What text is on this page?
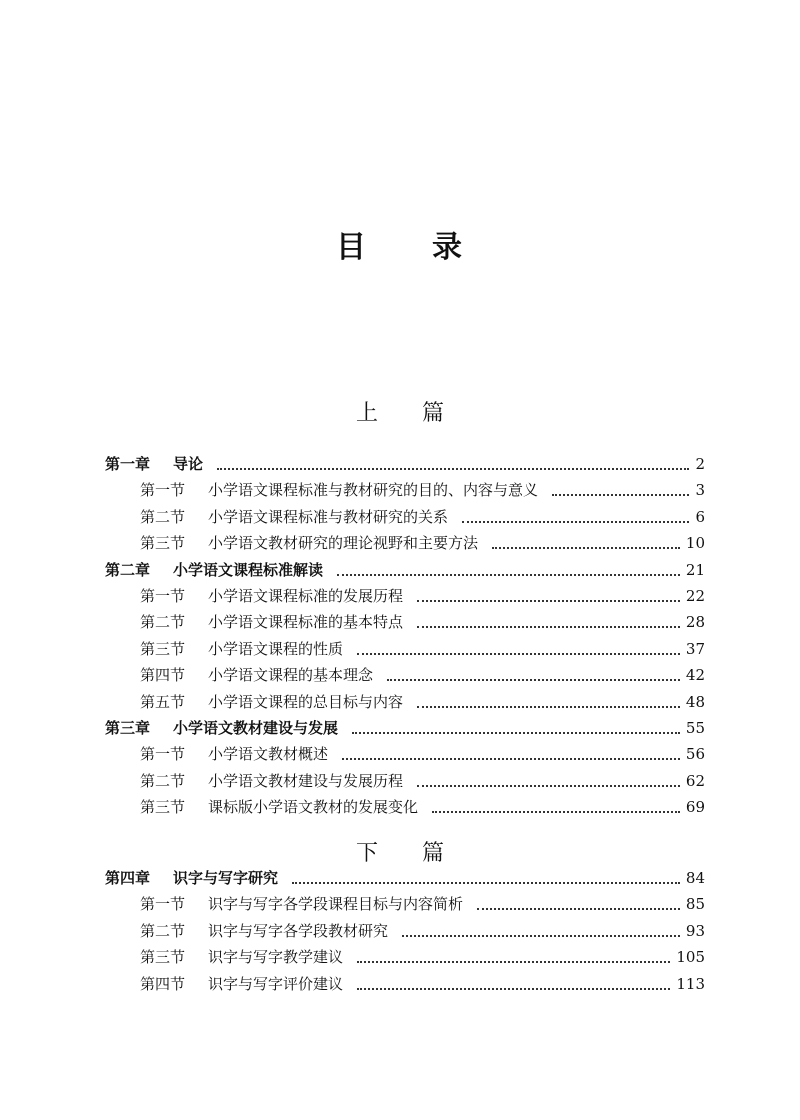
目　　录
上　　篇
第一章	导论	2
第一节	小学语文课程标准与教材研究的目的、内容与意义	3
第二节	小学语文课程标准与教材研究的关系	6
第三节	小学语文教材研究的理论视野和主要方法	10
第二章	小学语文课程标准解读	21
第一节	小学语文课程标准的发展历程	22
第二节	小学语文课程标准的基本特点	28
第三节	小学语文课程的性质	37
第四节	小学语文课程的基本理念	42
第五节	小学语文课程的总目标与内容	48
第三章	小学语文教材建设与发展	55
第一节	小学语文教材概述	56
第二节	小学语文教材建设与发展历程	62
第三节	课标版小学语文教材的发展变化	69
下　　篇
第四章	识字与写字研究	84
第一节	识字与写字各学段课程目标与内容简析	85
第二节	识字与写字各学段教材研究	93
第三节	识字与写字教学建议	105
第四节	识字与写字评价建议	113
